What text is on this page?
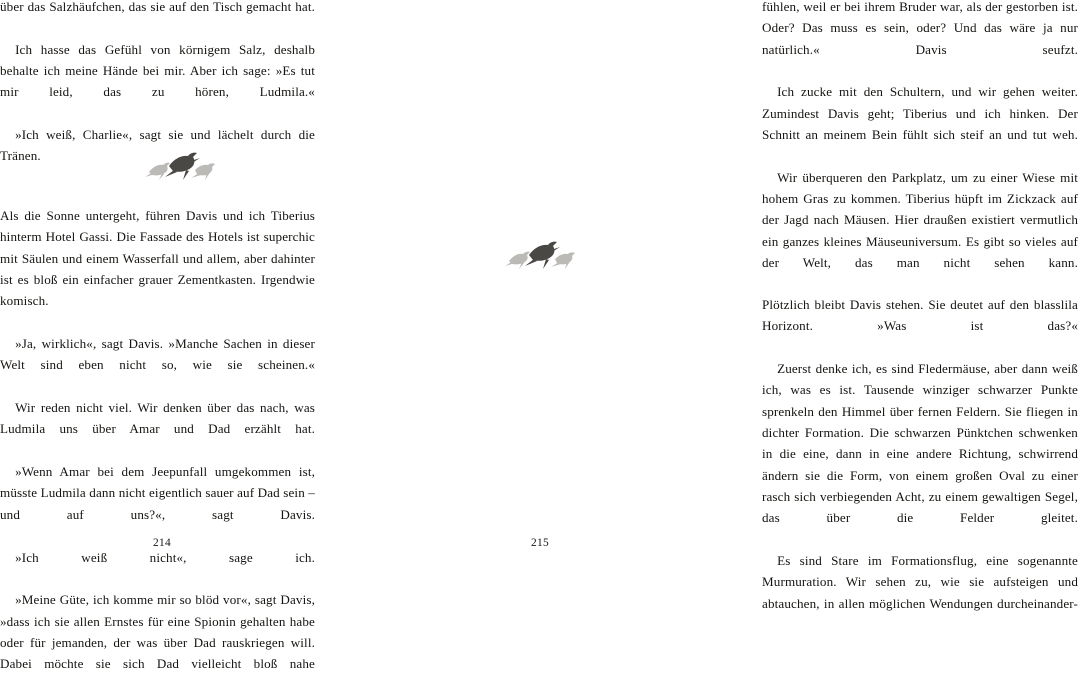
über das Salzhäufchen, das sie auf den Tisch gemacht hat.

Ich hasse das Gefühl von körnigem Salz, deshalb behalte ich meine Hände bei mir. Aber ich sage: »Es tut mir leid, das zu hören, Ludmila.«

»Ich weiß, Charlie«, sagt sie und lächelt durch die Tränen.

Als die Sonne untergeht, führen Davis und ich Tiberius hinterm Hotel Gassi. Die Fassade des Hotels ist superchic mit Säulen und einem Wasserfall und allem, aber dahinter ist es bloß ein einfacher grauer Zementkasten. Irgendwie komisch.

»Ja, wirklich«, sagt Davis. »Manche Sachen in dieser Welt sind eben nicht so, wie sie scheinen.«

Wir reden nicht viel. Wir denken über das nach, was Ludmila uns über Amar und Dad erzählt hat.

»Wenn Amar bei dem Jeepunfall umgekommen ist, müsste Ludmila dann nicht eigentlich sauer auf Dad sein – und auf uns?«, sagt Davis.

»Ich weiß nicht«, sage ich.

»Meine Güte, ich komme mir so blöd vor«, sagt Davis, »dass ich sie allen Ernstes für eine Spionin gehalten habe oder für jemanden, der was über Dad rauskriegen will. Dabei möchte sie sich Dad vielleicht bloß nahe

214

fühlen, weil er bei ihrem Bruder war, als der gestorben ist. Oder? Das muss es sein, oder? Und das wäre ja nur natürlich.« Davis seufzt.

Ich zucke mit den Schultern, und wir gehen weiter. Zumindest Davis geht; Tiberius und ich hinken. Der Schnitt an meinem Bein fühlt sich steif an und tut weh.

Wir überqueren den Parkplatz, um zu einer Wiese mit hohem Gras zu kommen. Tiberius hüpft im Zickzack auf der Jagd nach Mäusen. Hier draußen existiert vermutlich ein ganzes kleines Mäuseuniversum. Es gibt so vieles auf der Welt, das man nicht sehen kann.

Plötzlich bleibt Davis stehen. Sie deutet auf den blasslila Horizont. »Was ist das?«

Zuerst denke ich, es sind Fledermäuse, aber dann weiß ich, was es ist. Tausende winziger schwarzer Punkte sprenkeln den Himmel über fernen Feldern. Sie fliegen in dichter Formation. Die schwarzen Pünktchen schwenken in die eine, dann in eine andere Richtung, schwirrend ändern sie die Form, von einem großen Oval zu einer rasch sich verbiegenden Acht, zu einem gewaltigen Segel, das über die Felder gleitet.

Es sind Stare im Formationsflug, eine sogenannte Murmuration. Wir sehen zu, wie sie aufsteigen und abtauchen, in allen möglichen Wendungen durcheinander-

215
